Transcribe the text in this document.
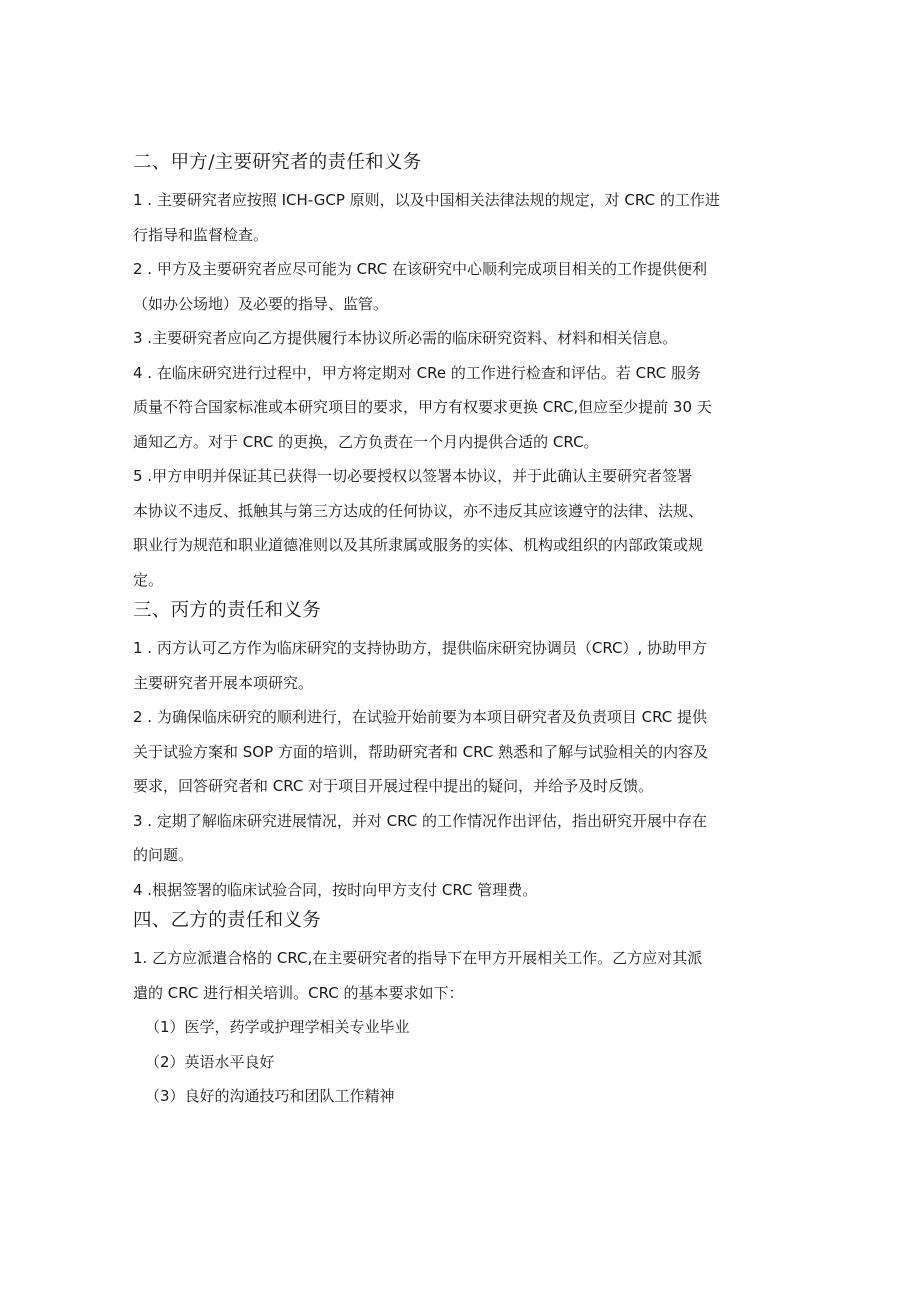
二、甲方/主要研究者的责任和义务
1 . 主要研究者应按照 ICH-GCP 原则，以及中国相关法律法规的规定，对 CRC 的工作进
行指导和监督检查。
2 . 甲方及主要研究者应尽可能为 CRC 在该研究中心顺利完成项目相关的工作提供便利
（如办公场地）及必要的指导、监管。
3 .主要研究者应向乙方提供履行本协议所必需的临床研究资料、材料和相关信息。
4 . 在临床研究进行过程中，甲方将定期对 CRe 的工作进行检查和评估。若 CRC 服务
质量不符合国家标准或本研究项目的要求，甲方有权要求更换 CRC,但应至少提前 30 天
通知乙方。对于 CRC 的更换，乙方负责在一个月内提供合适的 CRC。
5 .甲方申明并保证其已获得一切必要授权以签署本协议，并于此确认主要研究者签署
本协议不违反、抵触其与第三方达成的任何协议，亦不违反其应该遵守的法律、法规、
职业行为规范和职业道德准则以及其所隶属或服务的实体、机构或组织的内部政策或规
定。
三、丙方的责任和义务
1 . 丙方认可乙方作为临床研究的支持协助方，提供临床研究协调员（CRC）, 协助甲方
主要研究者开展本项研究。
2 . 为确保临床研究的顺利进行，在试验开始前要为本项目研究者及负责项目 CRC 提供
关于试验方案和 SOP 方面的培训，帮助研究者和 CRC 熟悉和了解与试验相关的内容及
要求，回答研究者和 CRC 对于项目开展过程中提出的疑问，并给予及时反馈。
3 . 定期了解临床研究进展情况，并对 CRC 的工作情况作出评估，指出研究开展中存在
的问题。
4 .根据签署的临床试验合同，按时向甲方支付 CRC 管理费。
四、乙方的责任和义务
1. 乙方应派遣合格的 CRC,在主要研究者的指导下在甲方开展相关工作。乙方应对其派
遣的 CRC 进行相关培训。CRC 的基本要求如下：
（1）医学，药学或护理学相关专业毕业
（2）英语水平良好
（3）良好的沟通技巧和团队工作精神
